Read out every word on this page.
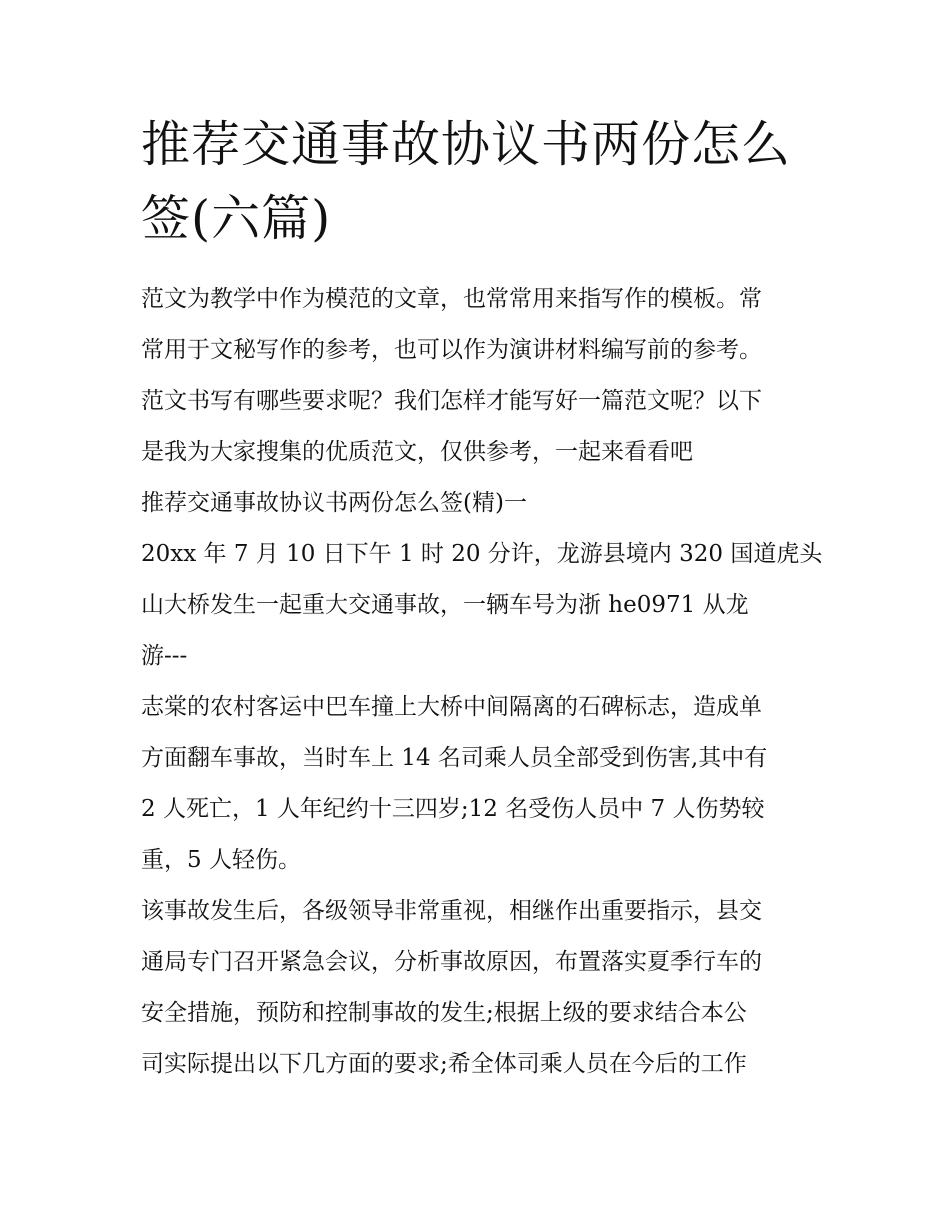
推荐交通事故协议书两份怎么
签(六篇)

范文为教学中作为模范的文章，也常常用来指写作的模板。常

常用于文秘写作的参考，也可以作为演讲材料编写前的参考。

范文书写有哪些要求呢？我们怎样才能写好一篇范文呢？以下

是我为大家搜集的优质范文，仅供参考，一起来看看吧

推荐交通事故协议书两份怎么签(精)一

20xx 年 7 月 10 日下午 1 时 20 分许，龙游县境内 320 国道虎头

山大桥发生一起重大交通事故，一辆车号为浙 he0971 从龙

游---

志棠的农村客运中巴车撞上大桥中间隔离的石碑标志，造成单

方面翻车事故，当时车上 14 名司乘人员全部受到伤害,其中有

2 人死亡，1 人年纪约十三四岁;12 名受伤人员中 7 人伤势较

重，5 人轻伤。

该事故发生后，各级领导非常重视，相继作出重要指示，县交

通局专门召开紧急会议，分析事故原因，布置落实夏季行车的

安全措施，预防和控制事故的发生;根据上级的要求结合本公

司实际提出以下几方面的要求;希全体司乘人员在今后的工作
